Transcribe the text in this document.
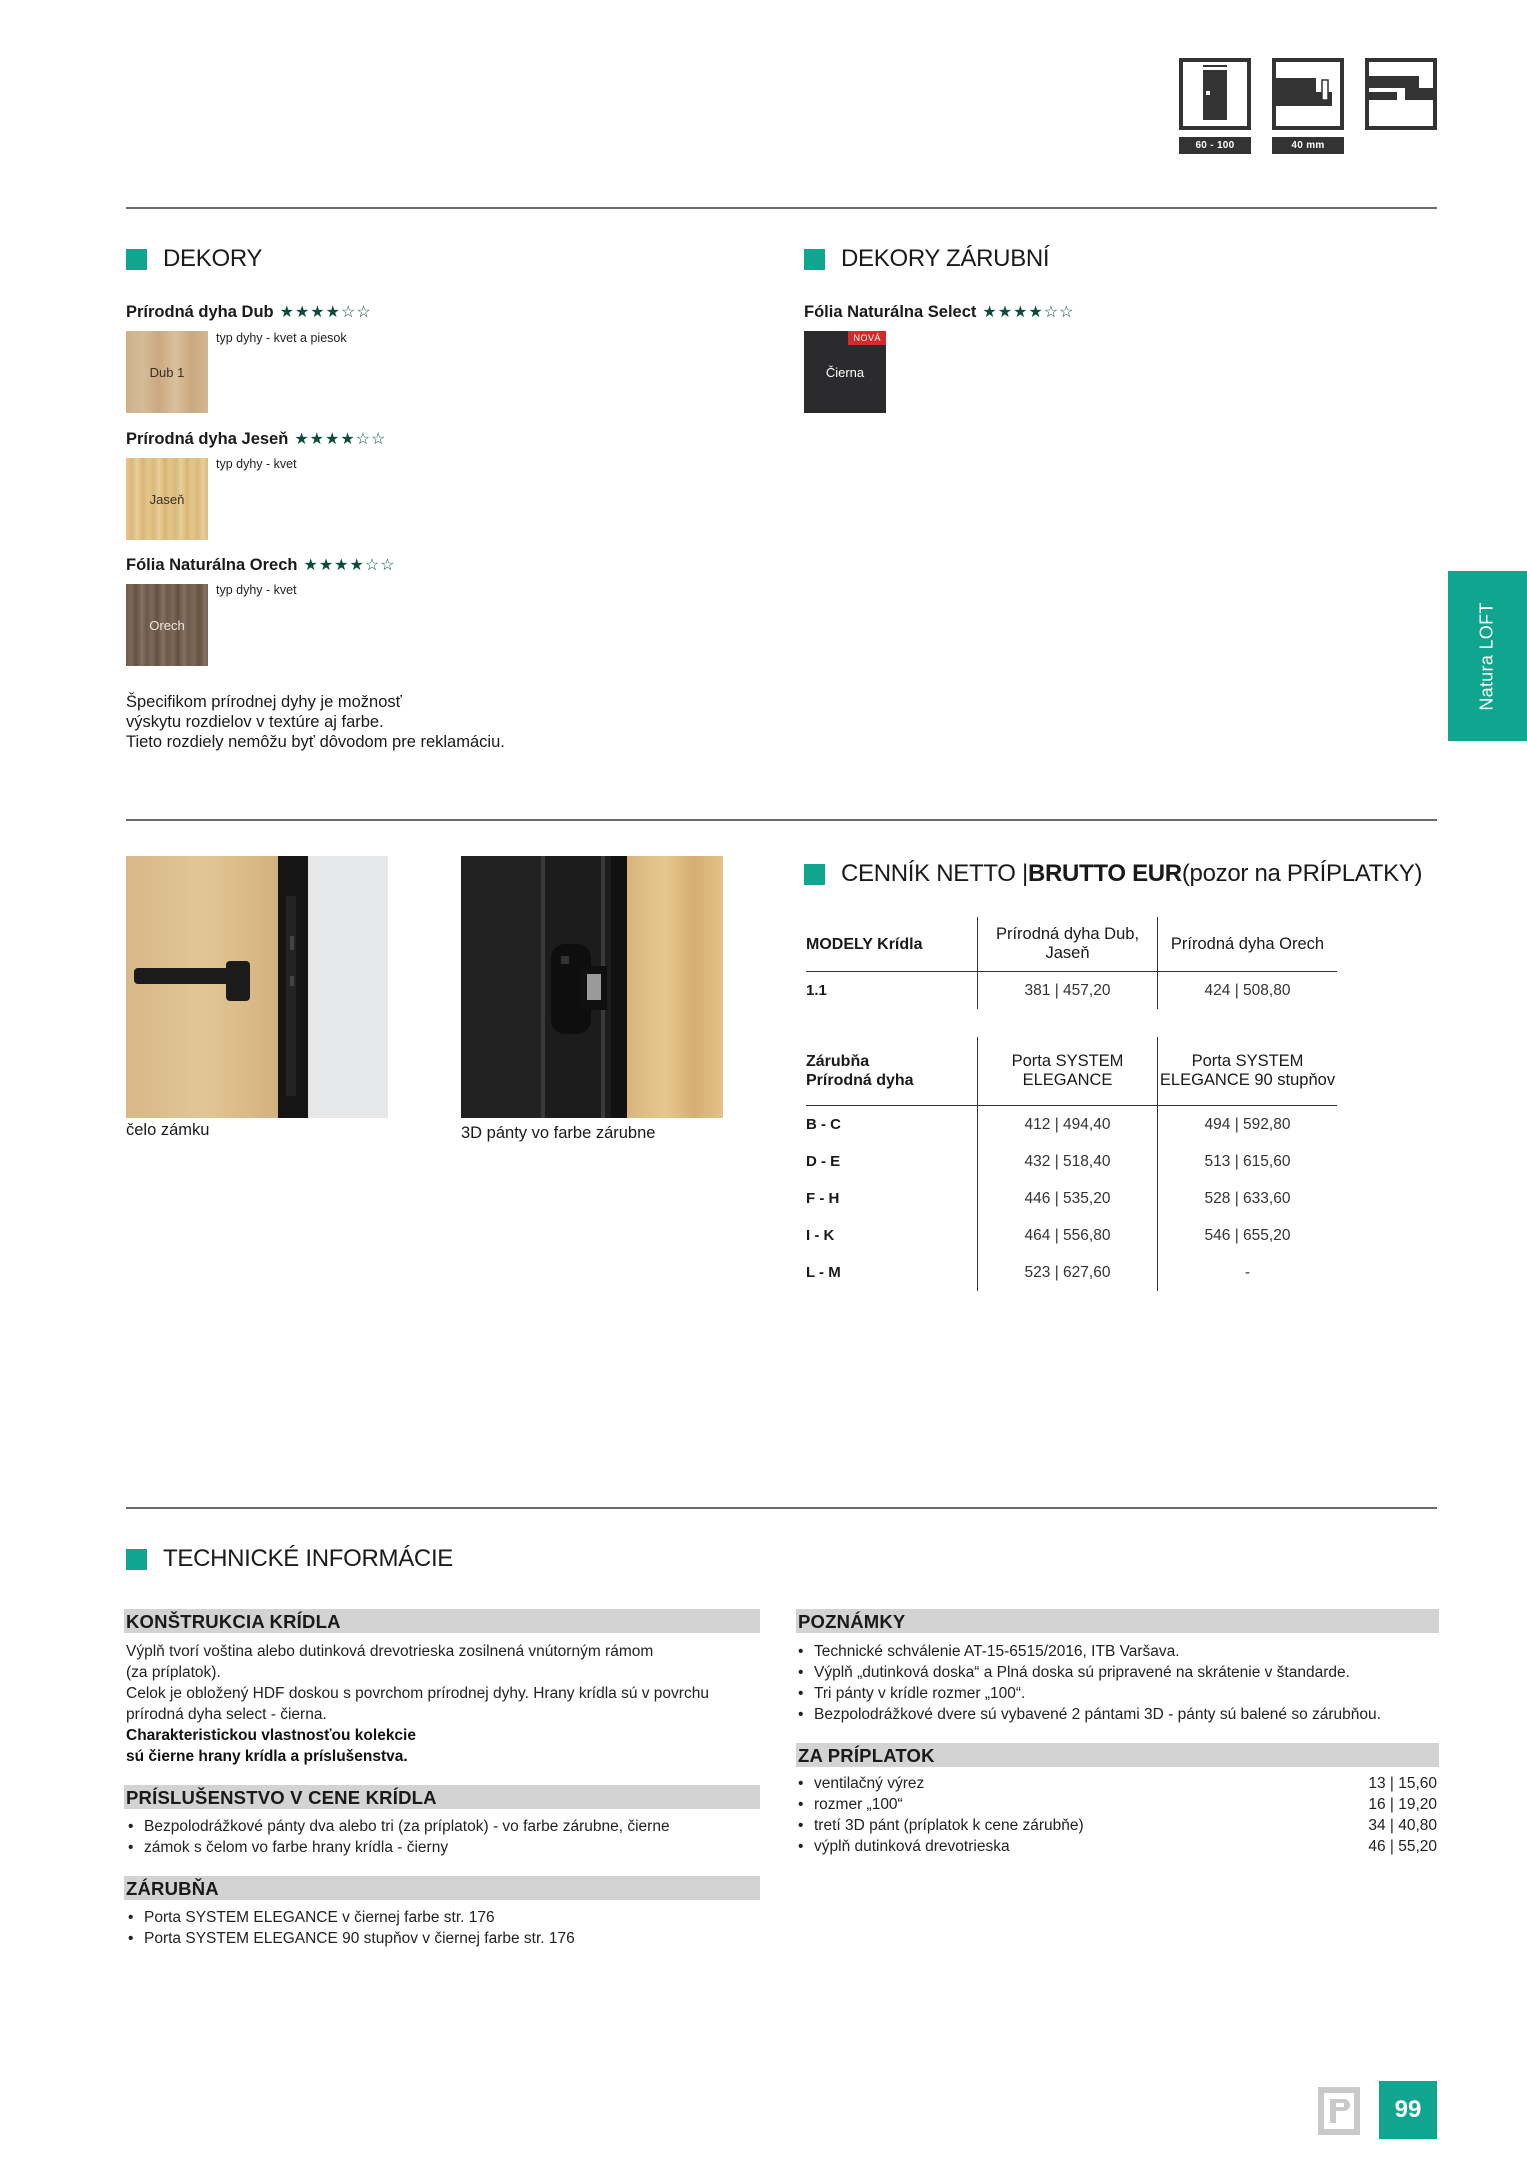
60 - 100	40 mm
DEKORY
Prírodná dyha Dub ★★★★☆☆
typ dyhy - kvet a piesok
Dub 1
Prírodná dyha Jeseň ★★★★☆☆
typ dyhy - kvet
Jaseň
Fólia Naturálna Orech ★★★★☆☆
typ dyhy - kvet
Orech
Špecifikom prírodnej dyhy je možnosť
výskytu rozdielov v textúre aj farbe.
Tieto rozdiely nemôžu byť dôvodom pre reklamáciu.
DEKORY ZÁRUBNÍ
Fólia Naturálna Select ★★★★☆☆
Čierna
NOVÁ
čelo zámku	3D pánty vo farbe zárubne
CENNÍK NETTO | BRUTTO EUR (pozor na PRÍPLATKY)
MODELY Krídla	Prírodná dyha Dub, Jaseň	Prírodná dyha Orech
1.1	381 | 457,20	424 | 508,80
Zárubňa
Prírodná dyha	Porta SYSTEM ELEGANCE	Porta SYSTEM ELEGANCE 90 stupňov
B - C	412 | 494,40	494 | 592,80
D - E	432 | 518,40	513 | 615,60
F - H	446 | 535,20	528 | 633,60
I - K	464 | 556,80	546 | 655,20
L - M	523 | 627,60	-
TECHNICKÉ INFORMÁCIE
KONŠTRUKCIA KRÍDLA
Výplň tvorí voština alebo dutinková drevotrieska zosilnená vnútorným rámom
(za príplatok).
Celok je obložený HDF doskou s povrchom prírodnej dyhy. Hrany krídla sú v povrchu
prírodná dyha select - čierna.
Charakteristickou vlastnosťou kolekcie
sú čierne hrany krídla a príslušenstva.
PRÍSLUŠENSTVO V CENE KRÍDLA
• Bezpolodrážkové pánty dva alebo tri (za príplatok) - vo farbe zárubne, čierne
• zámok s čelom vo farbe hrany krídla - čierny
ZÁRUBŇA
• Porta SYSTEM ELEGANCE v čiernej farbe str. 176
• Porta SYSTEM ELEGANCE 90 stupňov v čiernej farbe str. 176
POZNÁMKY
• Technické schválenie AT-15-6515/2016, ITB Varšava.
• Výplň „dutinková doska“ a Plná doska sú pripravené na skrátenie v štandarde.
• Tri pánty v krídle rozmer „100“.
• Bezpolodrážkové dvere sú vybavené 2 pántami 3D - pánty sú balené so zárubňou.
ZA PRÍPLATOK
• ventilačný výrez	13 | 15,60
• rozmer „100“	16 | 19,20
• tretí 3D pánt (príplatok k cene zárubňe)	34 | 40,80
• výplň dutinková drevotrieska	46 | 55,20
Natura LOFT
99
